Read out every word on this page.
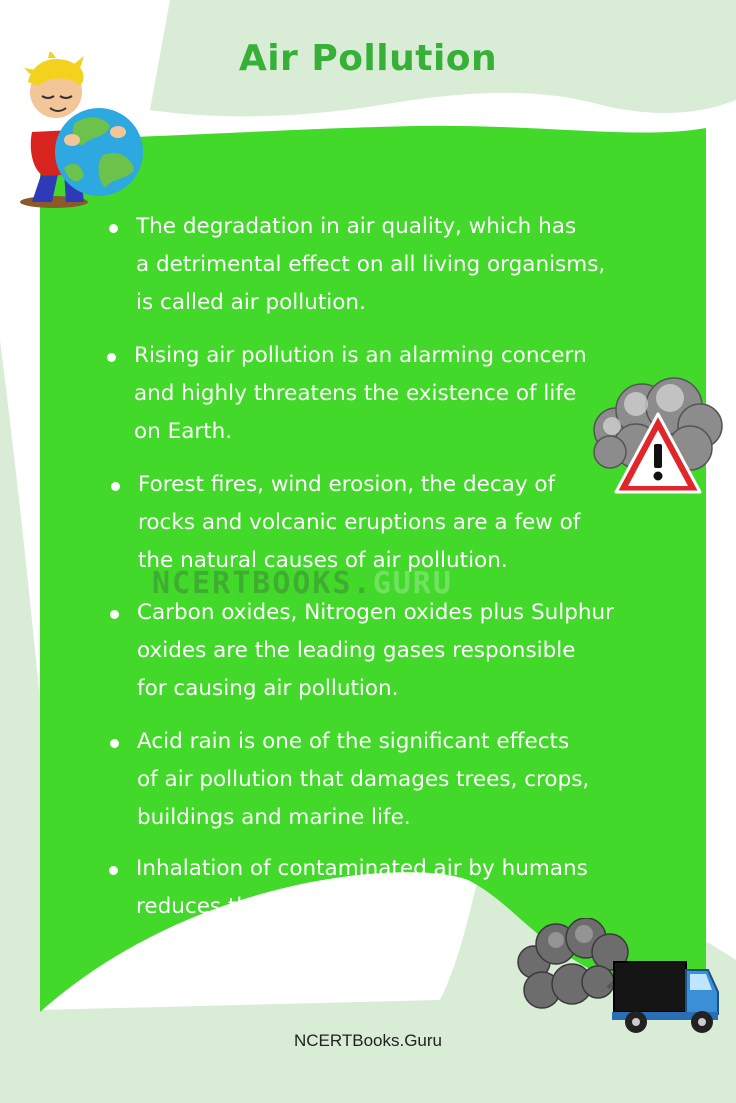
Air Pollution
The degradation in air quality, which has
a detrimental effect on all living organisms,
is called air pollution.
Rising air pollution is an alarming concern
and highly threatens the existence of life
on Earth.
Forest fires, wind erosion, the decay of
rocks and volcanic eruptions are a few of
the natural causes of air pollution.
Carbon oxides, Nitrogen oxides plus Sulphur
oxides are the leading gases responsible
for causing air pollution.
Acid rain is one of the significant effects
of air pollution that damages trees, crops,
buildings and marine life.
Inhalation of contaminated air by humans
reduces the body’s defence.
NCERTBOOKS.GURU
NCERTBooks.Guru
